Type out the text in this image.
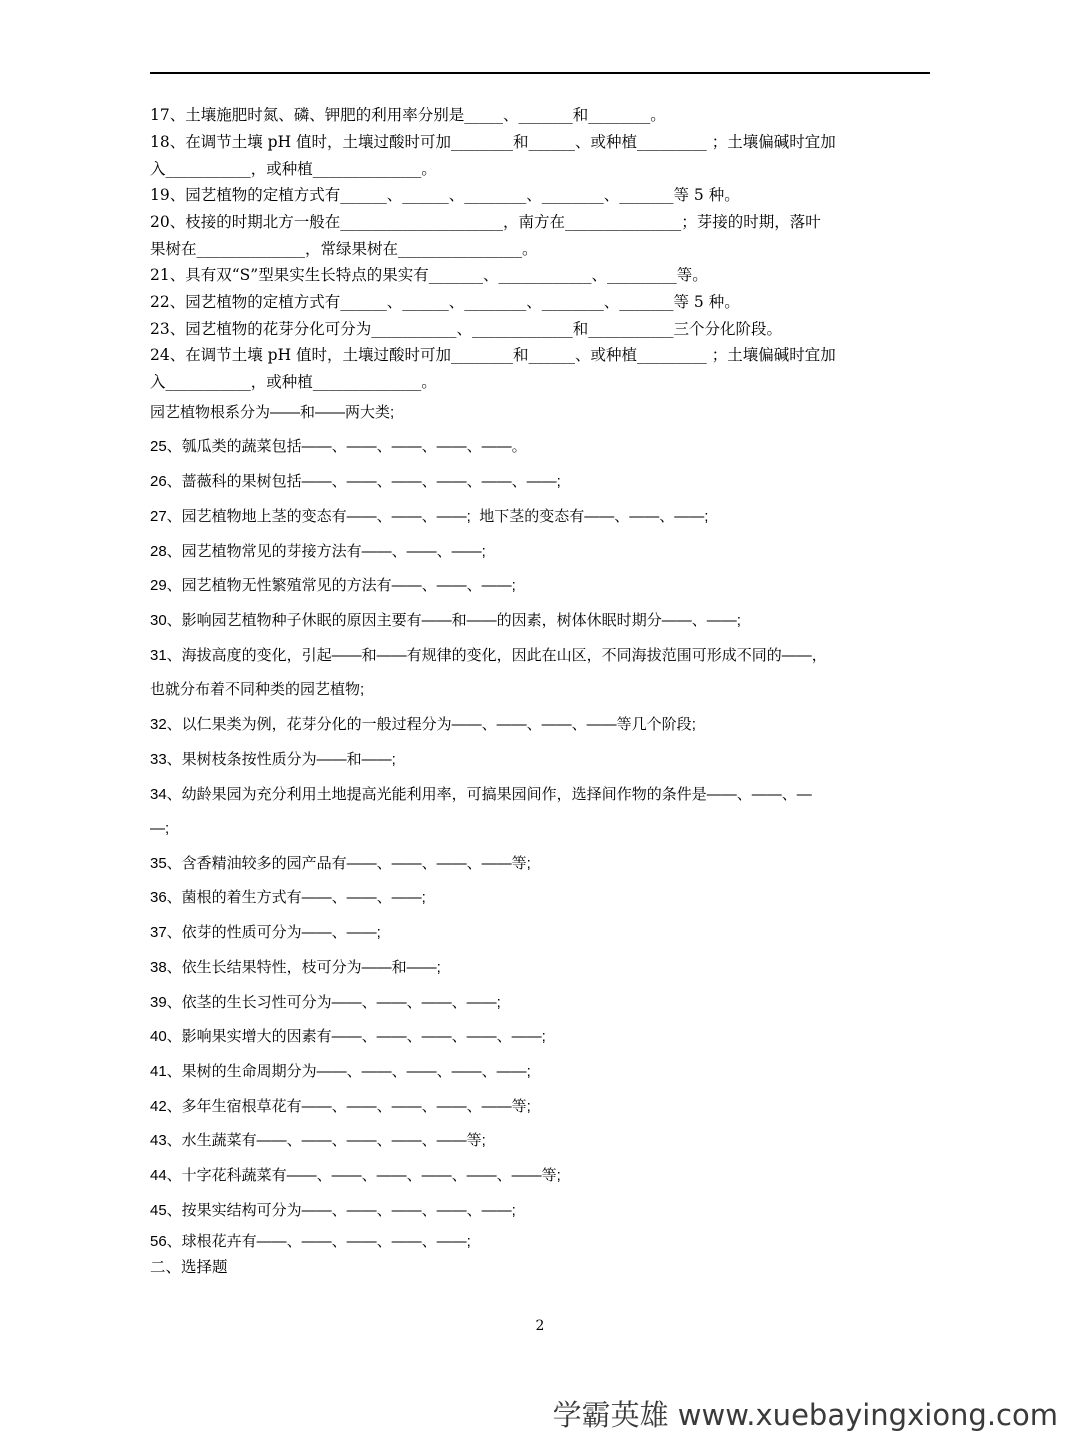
17、土壤施肥时氮、磷、钾肥的利用率分别是_____、_______和________。
18、在调节土壤 pH 值时，土壤过酸时可加________和______、或种植_________ ；土壤偏碱时宜加
入___________，或种植______________。
19、园艺植物的定植方式有______、______、________、________、_______等 5 种。
20、枝接的时期北方一般在_____________________，南方在_______________；芽接的时期，落叶
果树在______________，常绿果树在________________。
21、具有双“S”型果实生长特点的果实有_______、____________、_________等。
22、园艺植物的定植方式有______、______、________、________、_______等 5 种。
23、园艺植物的花芽分化可分为___________、_____________和___________三个分化阶段。
24、在调节土壤 pH 值时，土壤过酸时可加________和______、或种植_________ ；土壤偏碱时宜加
入___________，或种植______________。
园艺植物根系分为——和——两大类;
25、瓠瓜类的蔬菜包括——、——、——、——、——。
26、蔷薇科的果树包括——、——、——、——、——、——;
27、园艺植物地上茎的变态有——、——、——;  地下茎的变态有——、——、——;
28、园艺植物常见的芽接方法有——、——、——;
29、园艺植物无性繁殖常见的方法有——、——、——;
30、影响园艺植物种子休眠的原因主要有——和——的因素，树体休眠时期分——、——;
31、海拔高度的变化，引起——和——有规律的变化，因此在山区，不同海拔范围可形成不同的——，
也就分布着不同种类的园艺植物;
32、以仁果类为例，花芽分化的一般过程分为——、——、——、——等几个阶段;
33、果树枝条按性质分为——和——;
34、幼龄果园为充分利用土地提高光能利用率，可搞果园间作，选择间作物的条件是——、——、—
—;
35、含香精油较多的园产品有——、——、——、——等;
36、菌根的着生方式有——、——、——;
37、依芽的性质可分为——、——;
38、依生长结果特性，枝可分为——和——;
39、依茎的生长习性可分为——、——、——、——;
40、影响果实增大的因素有——、——、——、——、——;
41、果树的生命周期分为——、——、——、——、——;
42、多年生宿根草花有——、——、——、——、——等;
43、水生蔬菜有——、——、——、——、——等;
44、十字花科蔬菜有——、——、——、——、——、——等;
45、按果实结构可分为——、——、——、——、——;
56、球根花卉有——、——、——、——、——;
二、选择题
2
学霸英雄 www.xuebayingxiong.com
